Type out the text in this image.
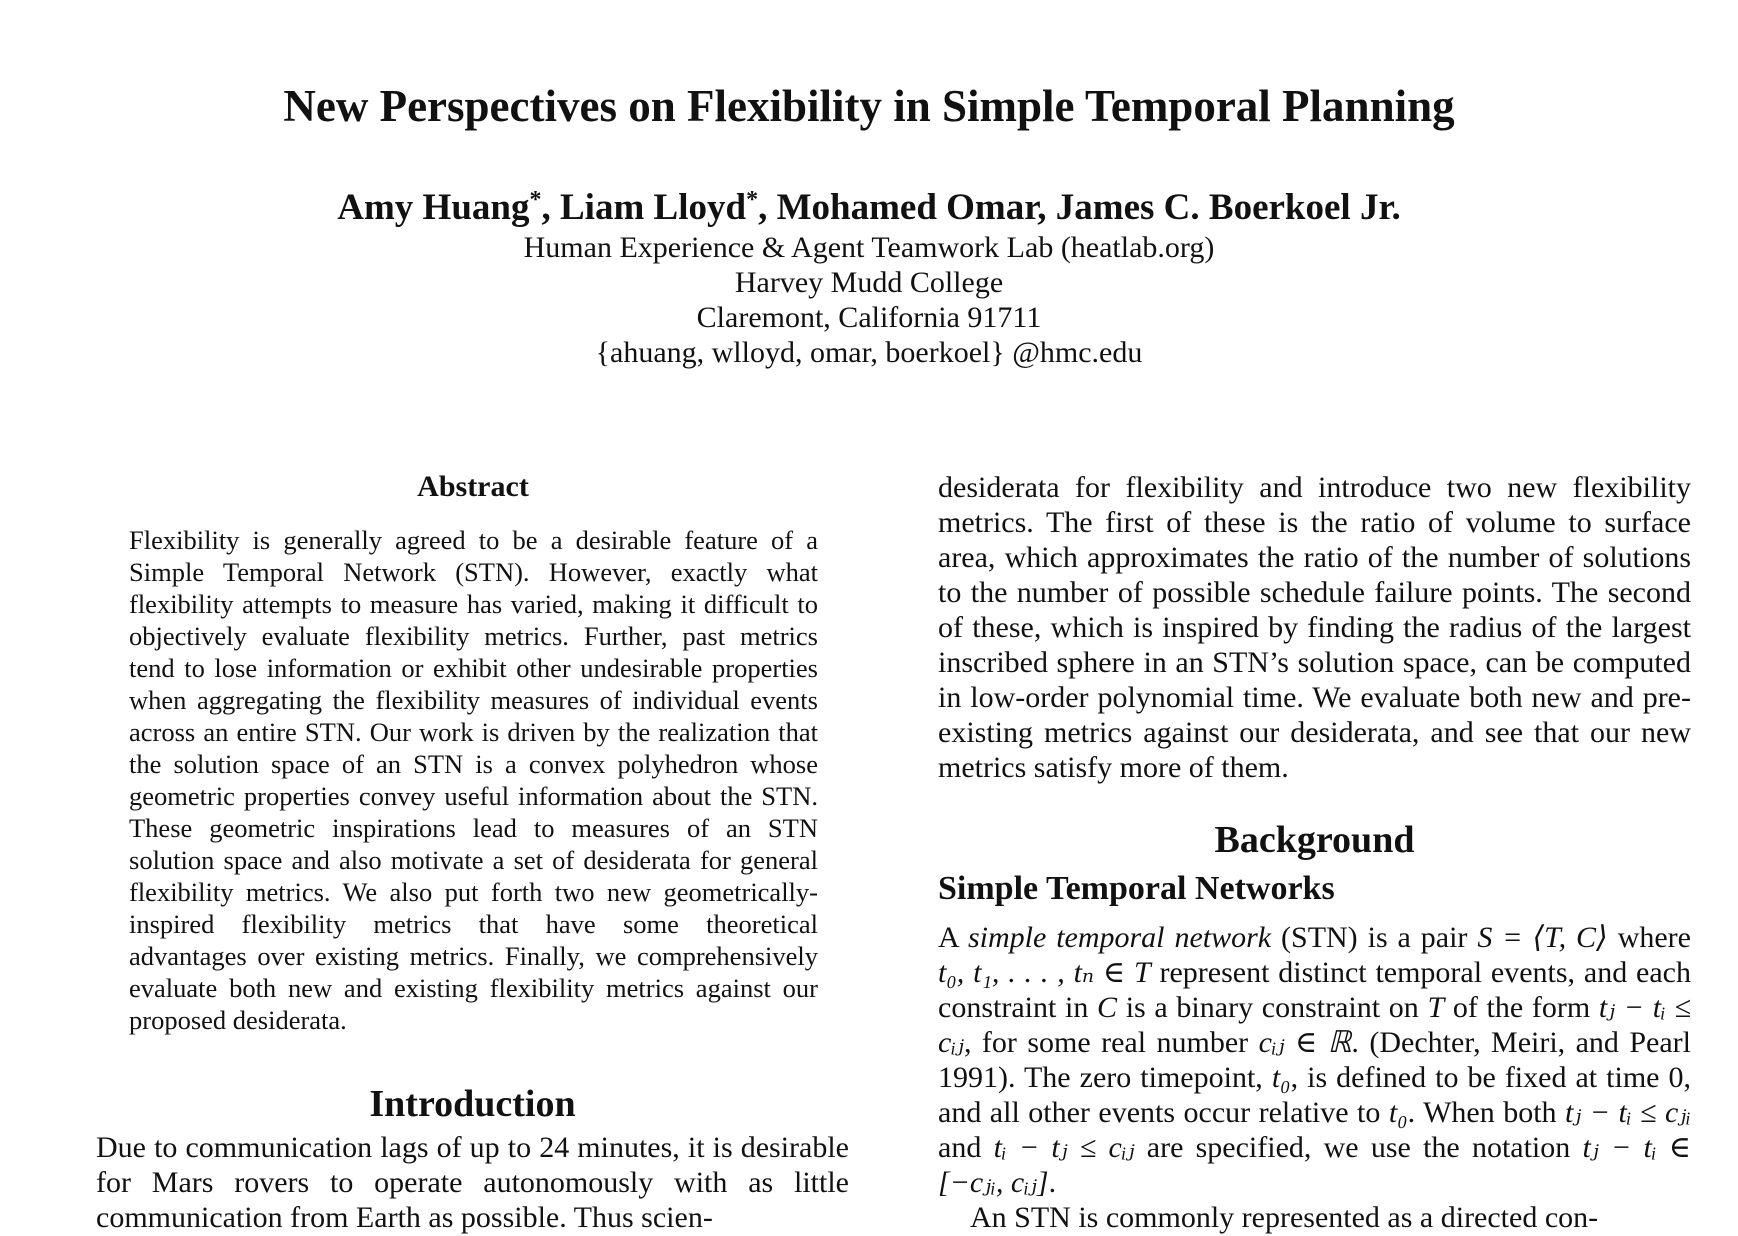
New Perspectives on Flexibility in Simple Temporal Planning
Amy Huang*, Liam Lloyd*, Mohamed Omar, James C. Boerkoel Jr.
Human Experience & Agent Teamwork Lab (heatlab.org)
Harvey Mudd College
Claremont, California 91711
{ahuang, wlloyd, omar, boerkoel} @hmc.edu
Abstract

Flexibility is generally agreed to be a desirable feature of a Simple Temporal Network (STN). However, exactly what flexibility attempts to measure has varied, making it difficult to objectively evaluate flexibility metrics. Further, past metrics tend to lose information or exhibit other undesirable properties when aggregating the flexibility measures of individual events across an entire STN. Our work is driven by the realization that the solution space of an STN is a convex polyhedron whose geometric properties convey useful information about the STN. These geometric inspirations lead to measures of an STN solution space and also motivate a set of desiderata for general flexibility metrics. We also put forth two new geometrically-inspired flexibility metrics that have some theoretical advantages over existing metrics. Finally, we comprehensively evaluate both new and existing flexibility metrics against our proposed desiderata.

Introduction

Due to communication lags of up to 24 minutes, it is desirable for Mars rovers to operate autonomously with as little communication from Earth as possible. Thus scien-

desiderata for flexibility and introduce two new flexibility metrics. The first of these is the ratio of volume to surface area, which approximates the ratio of the number of solutions to the number of possible schedule failure points. The second of these, which is inspired by finding the radius of the largest inscribed sphere in an STN’s solution space, can be computed in low-order polynomial time. We evaluate both new and pre-existing metrics against our desiderata, and see that our new metrics satisfy more of them.

Background
Simple Temporal Networks

A simple temporal network (STN) is a pair S = ⟨T, C⟩ where t₀, t₁, . . . , tₙ ∈ T represent distinct temporal events, and each constraint in C is a binary constraint on T of the form tⱼ − tᵢ ≤ cᵢⱼ, for some real number cᵢⱼ ∈ ℝ. (Dechter, Meiri, and Pearl 1991). The zero timepoint, t₀, is defined to be fixed at time 0, and all other events occur relative to t₀. When both tⱼ − tᵢ ≤ cⱼᵢ and tᵢ − tⱼ ≤ cᵢⱼ are specified, we use the notation tⱼ − tᵢ ∈ [−cⱼᵢ, cᵢⱼ].

An STN is commonly represented as a directed con-
